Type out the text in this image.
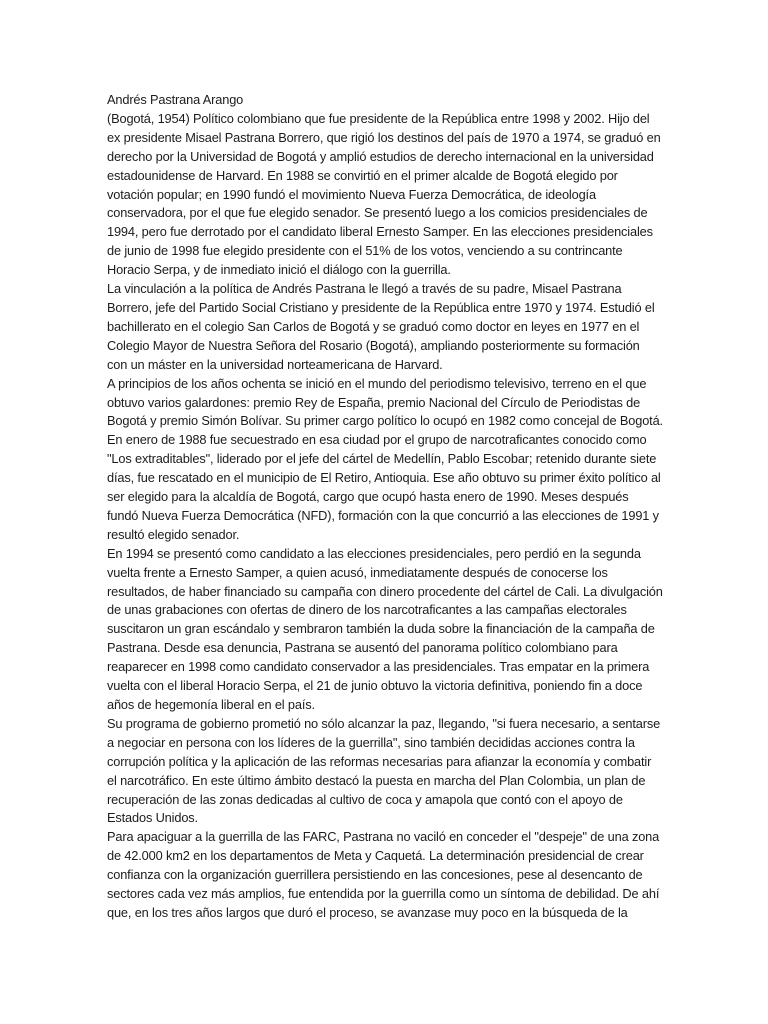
Andrés Pastrana Arango

(Bogotá, 1954) Político colombiano que fue presidente de la República entre 1998 y 2002. Hijo del ex presidente Misael Pastrana Borrero, que rigió los destinos del país de 1970 a 1974, se graduó en derecho por la Universidad de Bogotá y amplió estudios de derecho internacional en la universidad estadounidense de Harvard. En 1988 se convirtió en el primer alcalde de Bogotá elegido por votación popular; en 1990 fundó el movimiento Nueva Fuerza Democrática, de ideología conservadora, por el que fue elegido senador. Se presentó luego a los comicios presidenciales de 1994, pero fue derrotado por el candidato liberal Ernesto Samper. En las elecciones presidenciales de junio de 1998 fue elegido presidente con el 51% de los votos, venciendo a su contrincante Horacio Serpa, y de inmediato inició el diálogo con la guerrilla.

La vinculación a la política de Andrés Pastrana le llegó a través de su padre, Misael Pastrana Borrero, jefe del Partido Social Cristiano y presidente de la República entre 1970 y 1974. Estudió el bachillerato en el colegio San Carlos de Bogotá y se graduó como doctor en leyes en 1977 en el Colegio Mayor de Nuestra Señora del Rosario (Bogotá), ampliando posteriormente su formación con un máster en la universidad norteamericana de Harvard.

A principios de los años ochenta se inició en el mundo del periodismo televisivo, terreno en el que obtuvo varios galardones: premio Rey de España, premio Nacional del Círculo de Periodistas de Bogotá y premio Simón Bolívar. Su primer cargo político lo ocupó en 1982 como concejal de Bogotá. En enero de 1988 fue secuestrado en esa ciudad por el grupo de narcotraficantes conocido como "Los extraditables", liderado por el jefe del cártel de Medellín, Pablo Escobar; retenido durante siete días, fue rescatado en el municipio de El Retiro, Antioquia. Ese año obtuvo su primer éxito político al ser elegido para la alcaldía de Bogotá, cargo que ocupó hasta enero de 1990. Meses después fundó Nueva Fuerza Democrática (NFD), formación con la que concurrió a las elecciones de 1991 y resultó elegido senador.

En 1994 se presentó como candidato a las elecciones presidenciales, pero perdió en la segunda vuelta frente a Ernesto Samper, a quien acusó, inmediatamente después de conocerse los resultados, de haber financiado su campaña con dinero procedente del cártel de Cali. La divulgación de unas grabaciones con ofertas de dinero de los narcotraficantes a las campañas electorales suscitaron un gran escándalo y sembraron también la duda sobre la financiación de la campaña de Pastrana. Desde esa denuncia, Pastrana se ausentó del panorama político colombiano para reaparecer en 1998 como candidato conservador a las presidenciales. Tras empatar en la primera vuelta con el liberal Horacio Serpa, el 21 de junio obtuvo la victoria definitiva, poniendo fin a doce años de hegemonía liberal en el país.

Su programa de gobierno prometió no sólo alcanzar la paz, llegando, "si fuera necesario, a sentarse a negociar en persona con los líderes de la guerrilla", sino también decididas acciones contra la corrupción política y la aplicación de las reformas necesarias para afianzar la economía y combatir el narcotráfico. En este último ámbito destacó la puesta en marcha del Plan Colombia, un plan de recuperación de las zonas dedicadas al cultivo de coca y amapola que contó con el apoyo de Estados Unidos.

Para apaciguar a la guerrilla de las FARC, Pastrana no vaciló en conceder el "despeje" de una zona de 42.000 km2 en los departamentos de Meta y Caquetá. La determinación presidencial de crear confianza con la organización guerrillera persistiendo en las concesiones, pese al desencanto de sectores cada vez más amplios, fue entendida por la guerrilla como un síntoma de debilidad. De ahí que, en los tres años largos que duró el proceso, se avanzase muy poco en la búsqueda de la
